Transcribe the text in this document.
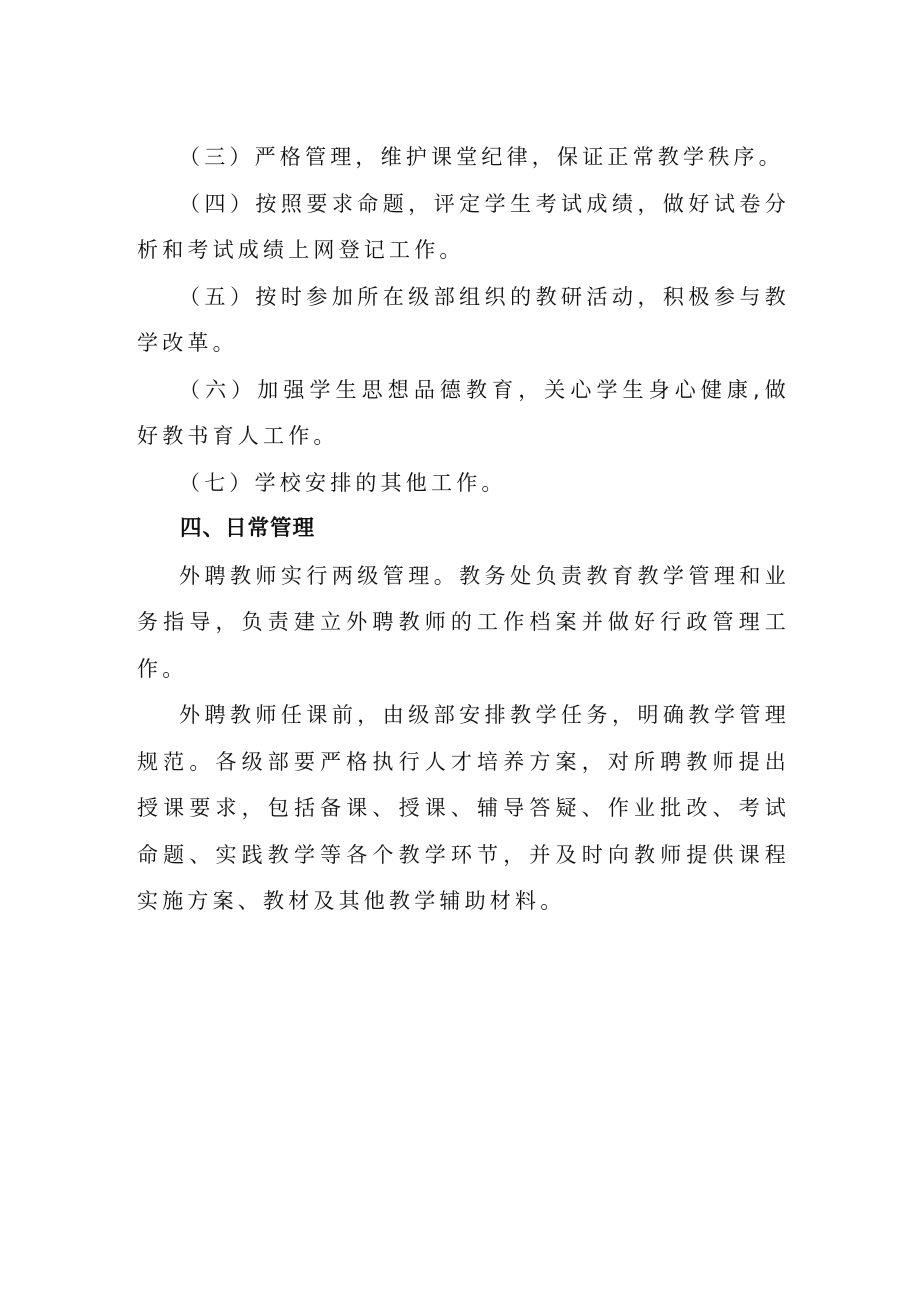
（三）严格管理，维护课堂纪律，保证正常教学秩序。

（四）按照要求命题，评定学生考试成绩，做好试卷分析和考试成绩上网登记工作。

（五）按时参加所在级部组织的教研活动，积极参与教学改革。

（六）加强学生思想品德教育，关心学生身心健康,做好教书育人工作。

（七）学校安排的其他工作。

四、日常管理

外聘教师实行两级管理。教务处负责教育教学管理和业务指导，负责建立外聘教师的工作档案并做好行政管理工作。

外聘教师任课前，由级部安排教学任务，明确教学管理规范。各级部要严格执行人才培养方案，对所聘教师提出授课要求，包括备课、授课、辅导答疑、作业批改、考试命题、实践教学等各个教学环节，并及时向教师提供课程实施方案、教材及其他教学辅助材料。
